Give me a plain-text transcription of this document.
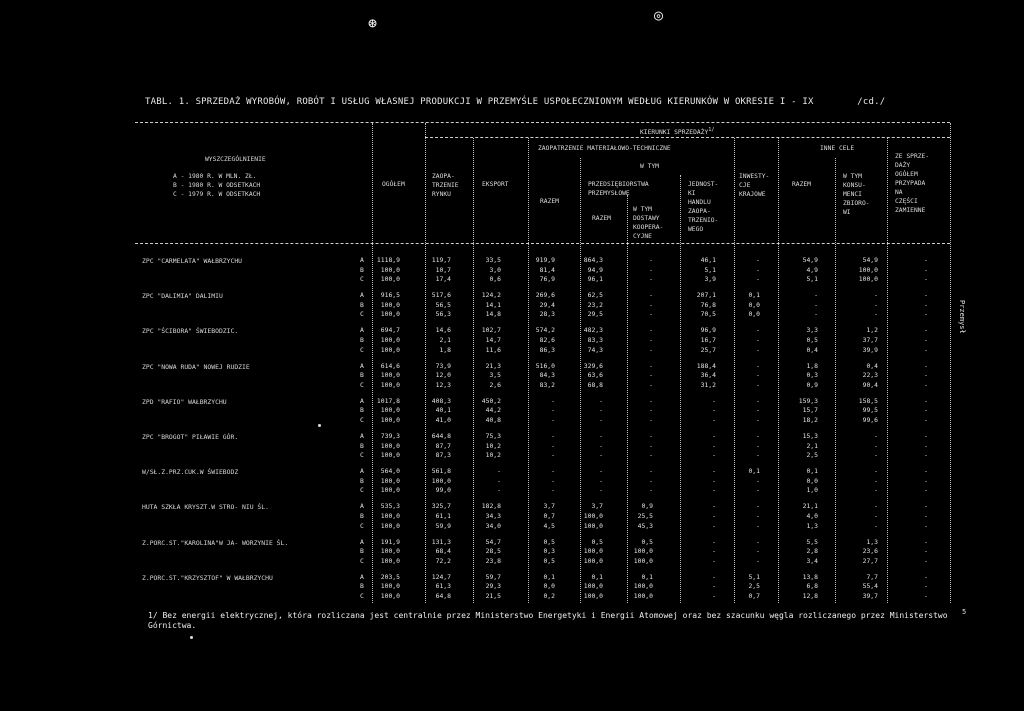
⊛	◎
TABL. 1. SPRZEDAŻ WYROBÓW, ROBÓT I USŁUG WŁASNEJ PRODUKCJI W PRZEMYŚLE USPOŁECZNIONYM WEDŁUG KIERUNKÓW W OKRESIE I - IX	/cd./
WYSZCZEGÓLNIENIE
A - 1980 R. W MLN. ZŁ.
B - 1980 R. W ODSETKACH
C - 1979 R. W ODSETKACH
KIERUNKI $SPRZEDAŻY^{1/}$
OGÓŁEM
ZAOPA-
TRZENIE
RYNKU
EKSPORT
ZAOPATRZENIE MATERIAŁOWO-TECHNICZNE
RAZEM
W TYM
PRZEDSIĘBIORSTWA
PRZEMYSŁOWE
RAZEM
W TYM
DOSTAWY
KOOPERA-
CYJNE
JEDNOST-
KI
HANDLU
ZAOPA-
TRZENIO-
WEGO
INWESTY-
CJE
KRAJOWE
INNE CELE
RAZEM
W TYM
KONSU-
MENCI
ZBIORO-
WI
ZE SPRZE-
DAŻY
OGÓŁEM
PRZYPADA
NA
CZĘŚCI
ZAMIENNE
ZPC "CARMELATA" WAŁBRZYCHU	A 1118,9	119,7	33,5	919,9	864,3	-	46,1	-	54,9	54,9	-
B	100,0	10,7	3,0	81,4	94,9	-	5,1	-	4,9	100,0	-
C	100,0	17,4	0,6	76,9	96,1	-	3,9	-	5,1	100,0	-
ZPC "DALIMIA" DALIMIU	A	916,5	517,6	124,2	269,6	62,5	-	207,1	0,1	-	-	-
B	100,0	56,5	14,1	29,4	23,2	-	76,8	0,0	-	-	-
C	100,0	56,3	14,8	28,3	29,5	-	70,5	0,0	-	-	-
ZPC "ŚCIBORA" ŚWIEBODZIC.	A	694,7	14,6	102,7	574,2	482,3	-	96,9	-	3,3	1,2	-
B	100,0	2,1	14,7	82,6	83,3	-	16,7	-	0,5	37,7	-
C	100,0	1,8	11,6	86,3	74,3	-	25,7	-	0,4	39,9	-
ZPC "NOWA RUDA" NOWEJ RUDZIE	A	614,6	73,9	21,3	516,0	329,6	-	188,4	-	1,8	0,4	-
B	100,0	12,0	3,5	84,3	63,6	-	36,4	-	0,3	22,3	-
C	100,0	12,3	2,6	83,2	68,8	-	31,2	-	0,9	90,4	-
ZPD "RAFIO" WAŁBRZYCHU	A 1017,8	408,3	450,2	-	-	-	-	-	159,3	158,5	-
B	100,0	40,1	44,2	-	-	-	-	-	15,7	99,5	-
C	100,0	41,0	40,8	-	-	-	-	-	18,2	99,6	-
ZPC "BROGOT" PIŁAWIE GÓR.	A	739,3	644,8	75,3	-	-	-	-	-	15,3	-	-
B	100,0	87,7	10,2	-	-	-	-	-	2,1	-	-
C	100,0	87,3	10,2	-	-	-	-	-	2,5	-	-
W/SŁ.Z.PRZ.CUK.W ŚWIEBODZ	A	564,0	561,8	-	-	-	-	-	0,1	0,1	-	-
B	100,0	100,0	-	-	-	-	-	-	0,0	-	-
C	100,0	99,0	-	-	-	-	-	-	1,0	-	-
HUTA SZKŁA KRYSZT.W STRO- NIU ŚL.	A	535,3	325,7	182,8	3,7	3,7	0,9	-	-	21,1	-	-
B	100,0	61,1	34,3	0,7	100,0	25,5	-	-	4,0	-	-
C	100,0	59,9	34,0	4,5	100,0	45,3	-	-	1,3	-	-
Z.PORC.ST."KAROLINA"W JA- WORZYNIE ŚL.	A	191,9	131,3	54,7	0,5	0,5	0,5	-	-	5,5	1,3	-
B	100,0	68,4	28,5	0,3	100,0	100,0	-	-	2,8	23,6	-
C	100,0	72,2	23,8	0,5	100,0	100,0	-	-	3,4	27,7	-
Z.PORC.ST."KRZYSZTOF" W WAŁBRZYCHU	A	203,5	124,7	59,7	0,1	0,1	0,1	-	5,1	13,8	7,7	-
B	100,0	61,3	29,3	0,0	100,0	100,0	-	2,5	6,8	55,4	-
C	100,0	64,8	21,5	0,2	100,0	100,0	-	0,7	12,8	39,7	-
1/ Bez energii elektrycznej, która rozliczana jest centralnie przez Ministerstwo Energetyki i Energii Atomowej oraz bez szacunku węgla rozliczanego przez Ministerstwo Górnictwa.
Przemysł
5
